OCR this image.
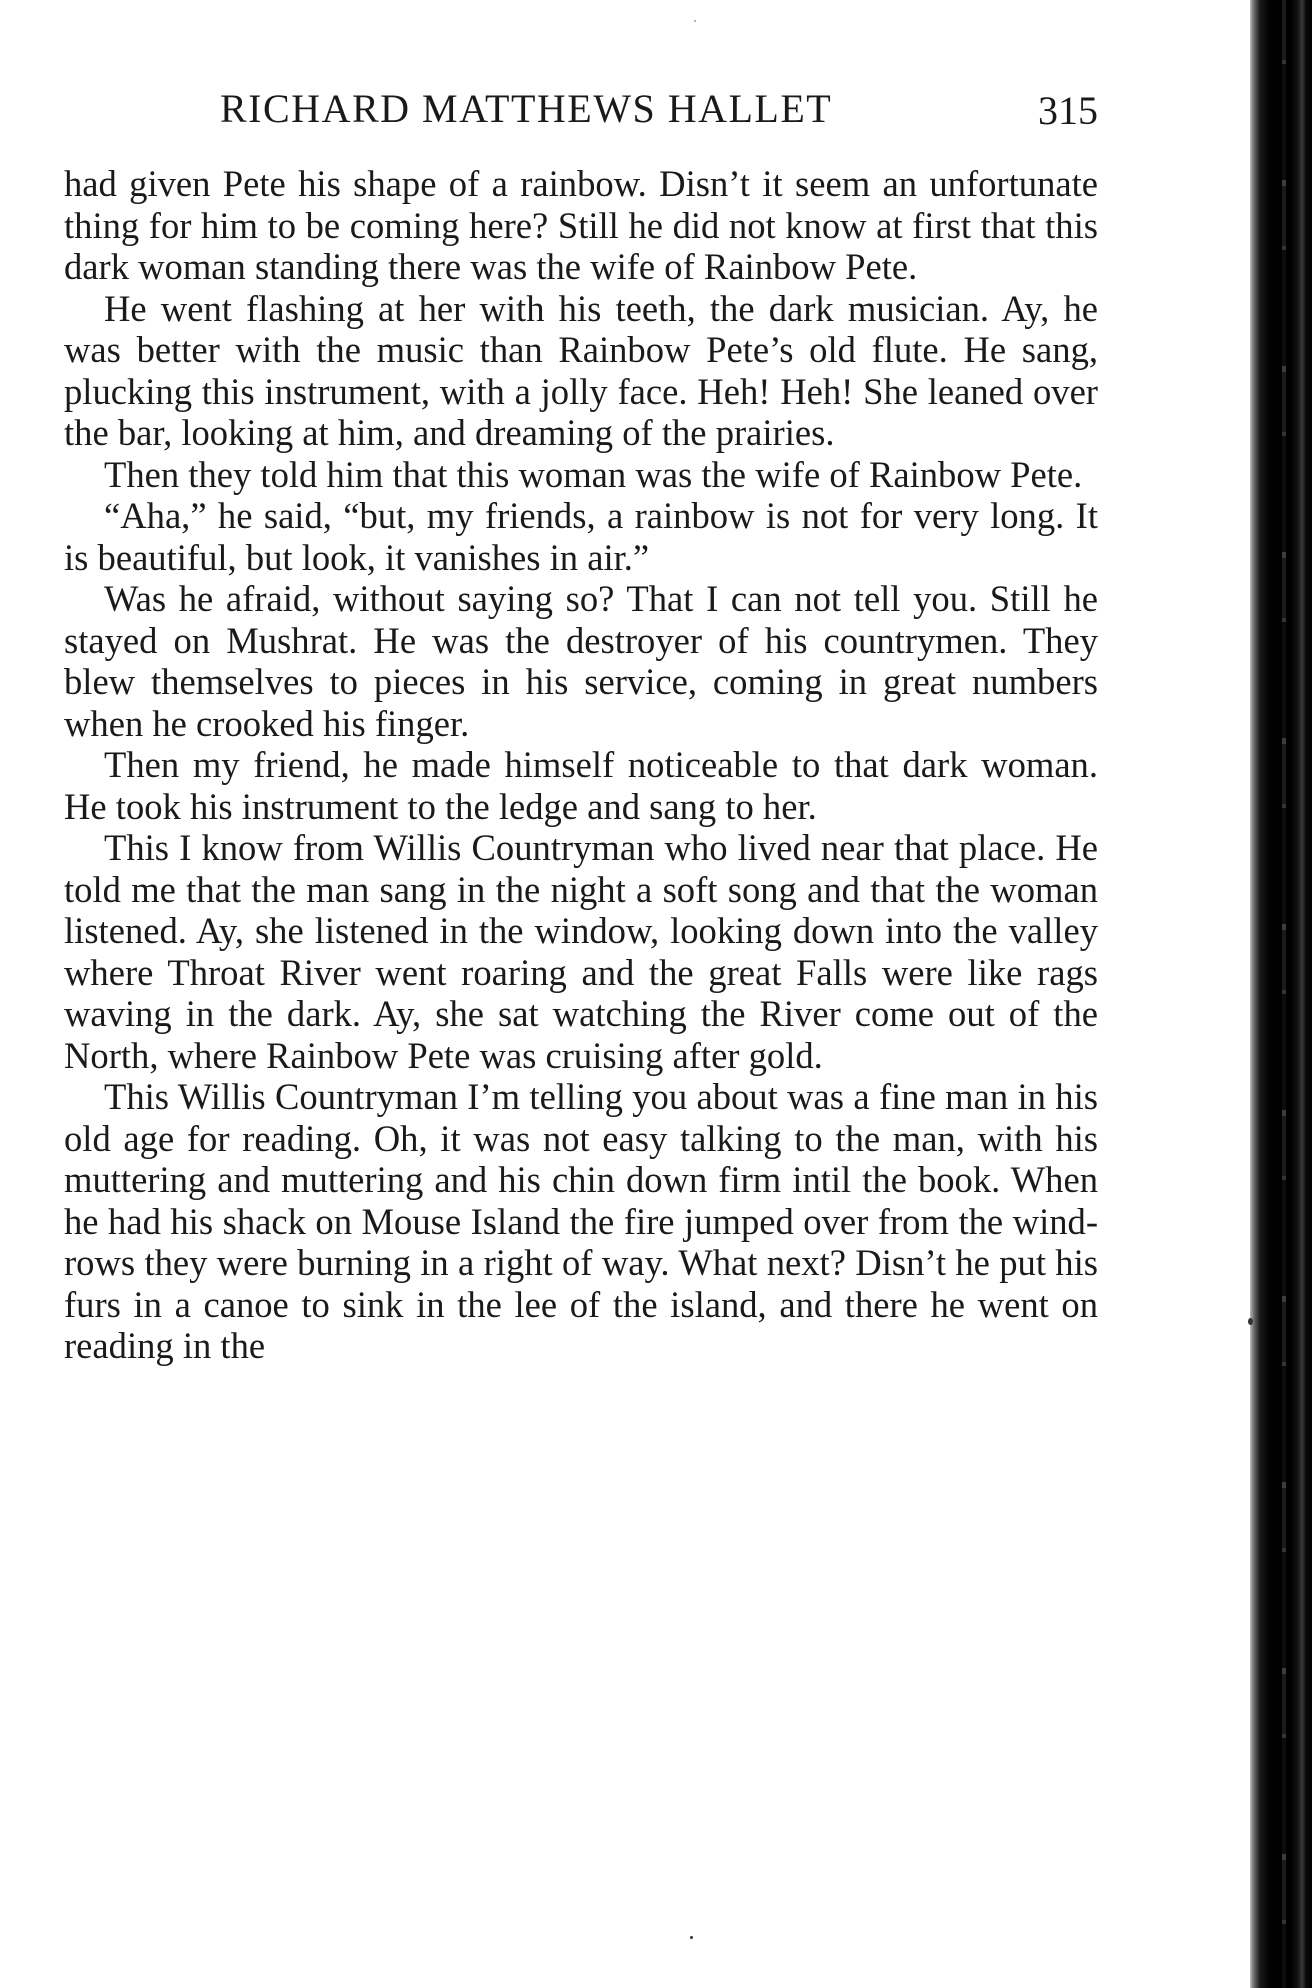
RICHARD MATTHEWS HALLET	315

had given Pete his shape of a rainbow. Disn’t it seem an unfortunate thing for him to be coming here? Still he did not know at first that this dark woman standing there was the wife of Rainbow Pete.

He went flashing at her with his teeth, the dark musician. Ay, he was better with the music than Rainbow Pete’s old flute. He sang, plucking this instrument, with a jolly face. Heh! Heh! She leaned over the bar, looking at him, and dreaming of the prairies.

Then they told him that this woman was the wife of Rainbow Pete.

“Aha,” he said, “but, my friends, a rainbow is not for very long. It is beautiful, but look, it vanishes in air.”

Was he afraid, without saying so? That I can not tell you. Still he stayed on Mushrat. He was the destroyer of his countrymen. They blew themselves to pieces in his service, coming in great numbers when he crooked his finger.

Then my friend, he made himself noticeable to that dark woman. He took his instrument to the ledge and sang to her.

This I know from Willis Countryman who lived near that place. He told me that the man sang in the night a soft song and that the woman listened. Ay, she listened in the window, looking down into the valley where Throat River went roaring and the great Falls were like rags waving in the dark. Ay, she sat watching the River come out of the North, where Rainbow Pete was cruising after gold.

This Willis Countryman I’m telling you about was a fine man in his old age for reading. Oh, it was not easy talking to the man, with his muttering and muttering and his chin down firm intil the book. When he had his shack on Mouse Island the fire jumped over from the wind-rows they were burning in a right of way. What next? Disn’t he put his furs in a canoe to sink in the lee of the island, and there he went on reading in the
